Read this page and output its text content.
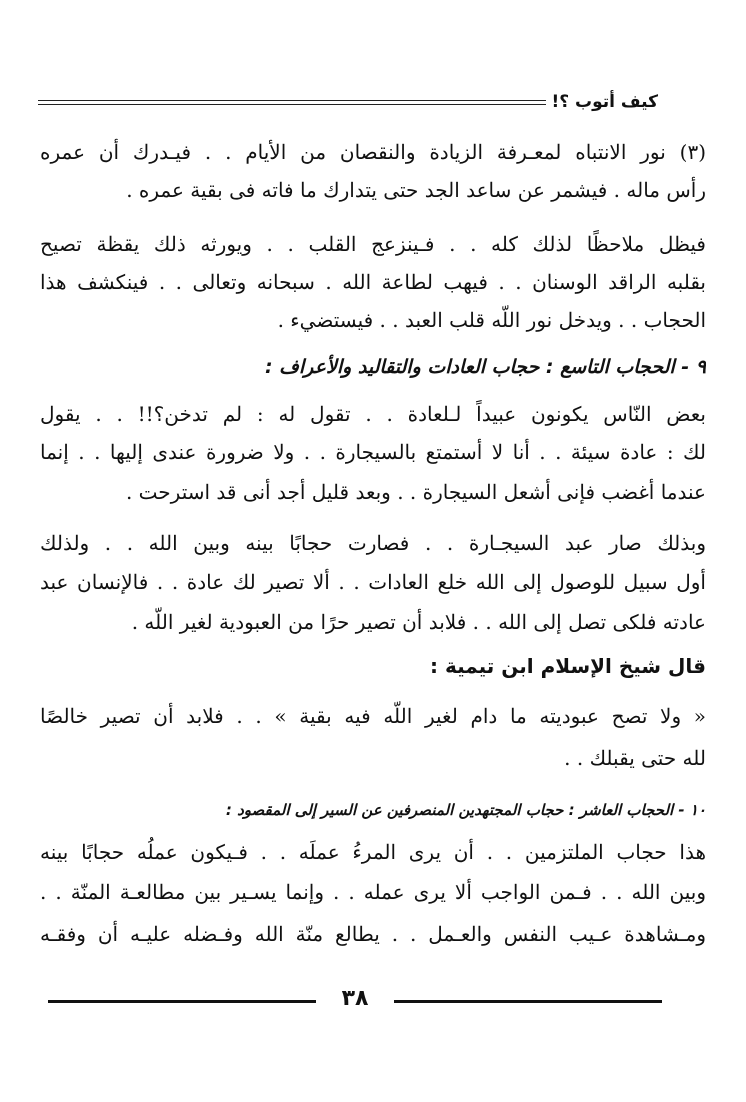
كيف أتوب ؟!
(٣) نور الانتباه لمعـرفة الزيادة والنقصان من الأيام . . فيـدرك أن عمره
رأس ماله . فيشمر عن ساعد الجد حتى يتدارك ما فاته فى بقية عمره .
فيظل ملاحظًا لذلك كله . . فـينزعج القلب . . ويورثه ذلك يقظة تصيح
بقلبه الراقد الوسنان . . فيهب لطاعة الله . سبحانه وتعالى . . فينكشف هذا
الحجاب . . ويدخل نور اللّه قلب العبد . . فيستضيء .
٩ - الحجاب التاسع : حجاب العادات والتقاليد والأعراف :
بعض النّاس يكونون عبيداً لـلعادة . . تقول له : لم تدخن؟!! . . يقول
لك : عادة سيئة . . أنا لا أستمتع بالسيجارة . . ولا ضرورة عندى إليها . . إنما
عندما أغضب فإنى أشعل السيجارة . . وبعد قليل أجد أنى قد استرحت .
وبذلك صار عبد السيجـارة . . فصارت حجابًا بينه وبين الله . . ولذلك
أول سبيل للوصول إلى الله خلع العادات . . ألا تصير لك عادة . . فالإنسان عبد
عادته فلكى تصل إلى الله . . فلابد أن تصير حرًا من العبودية لغير اللّه .
قال شيخ الإسلام ابن تيمية :
« ولا تصح عبوديته ما دام لغير اللّه فيه بقية » . . فلابد أن تصير خالصًا
لله حتى يقبلك . .
١٠ - الحجاب العاشر : حجاب المجتهدين المنصرفين عن السير إلى المقصود :
هذا حجاب الملتزمين . . أن يرى المرءُ عملَه . . فـيكون عملُه حجابًا بينه
وبين الله . . فـمن الواجب ألا يرى عمله . . وإنما يسـير بين مطالعـة المنّة . .
ومـشاهدة عـيب النفس والعـمل . . يطالع منّة الله وفـضله عليـه أن وفقـه
٣٨
